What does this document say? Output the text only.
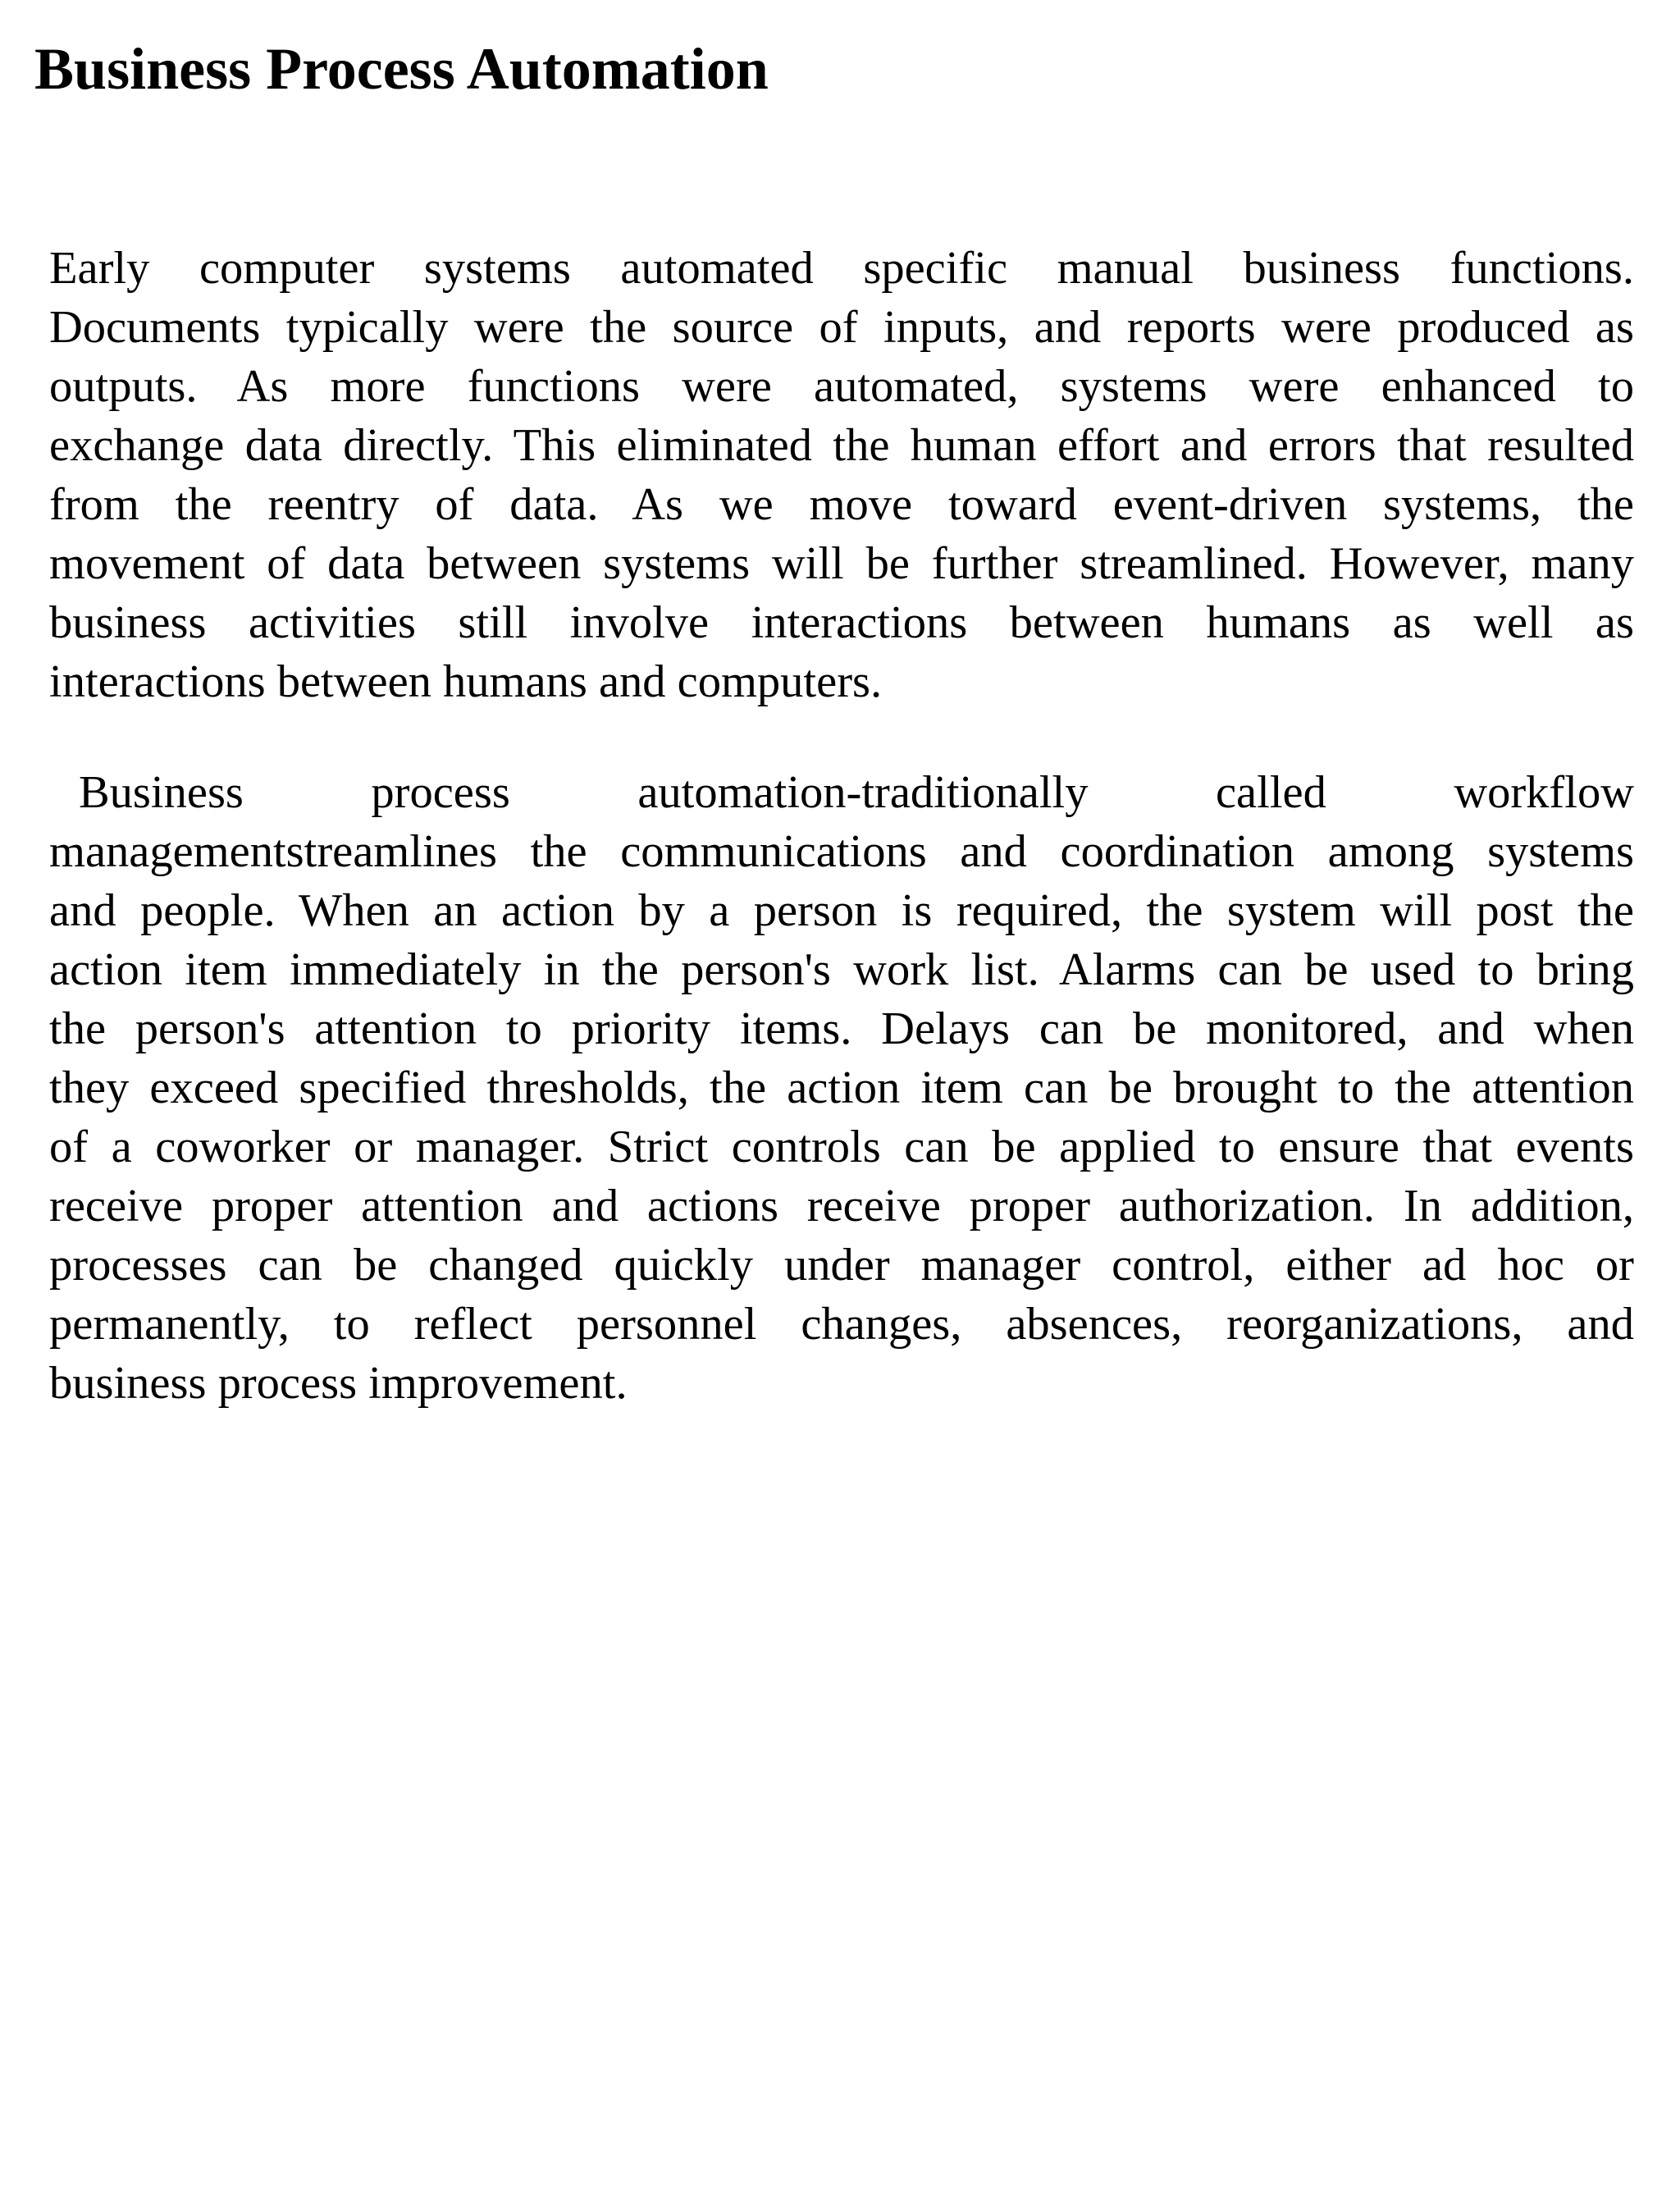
Business Process Automation

Early computer systems automated specific manual business functions.

Documents typically were the source of inputs, and reports were produced as

outputs. As more functions were automated, systems were enhanced to

exchange data directly. This eliminated the human effort and errors that resulted

from the reentry of data. As we move toward event-driven systems, the

movement of data between systems will be further streamlined. However, many

business activities still involve interactions between humans as well as

interactions between humans and computers.

Business process automation-traditionally called workflow

managementstreamlines the communications and coordination among systems

and people. When an action by a person is required, the system will post the

action item immediately in the person's work list. Alarms can be used to bring

the person's attention to priority items. Delays can be monitored, and when

they exceed specified thresholds, the action item can be brought to the attention

of a coworker or manager. Strict controls can be applied to ensure that events

receive proper attention and actions receive proper authorization. In addition,

processes can be changed quickly under manager control, either ad hoc or

permanently, to reflect personnel changes, absences, reorganizations, and

business process improvement.
